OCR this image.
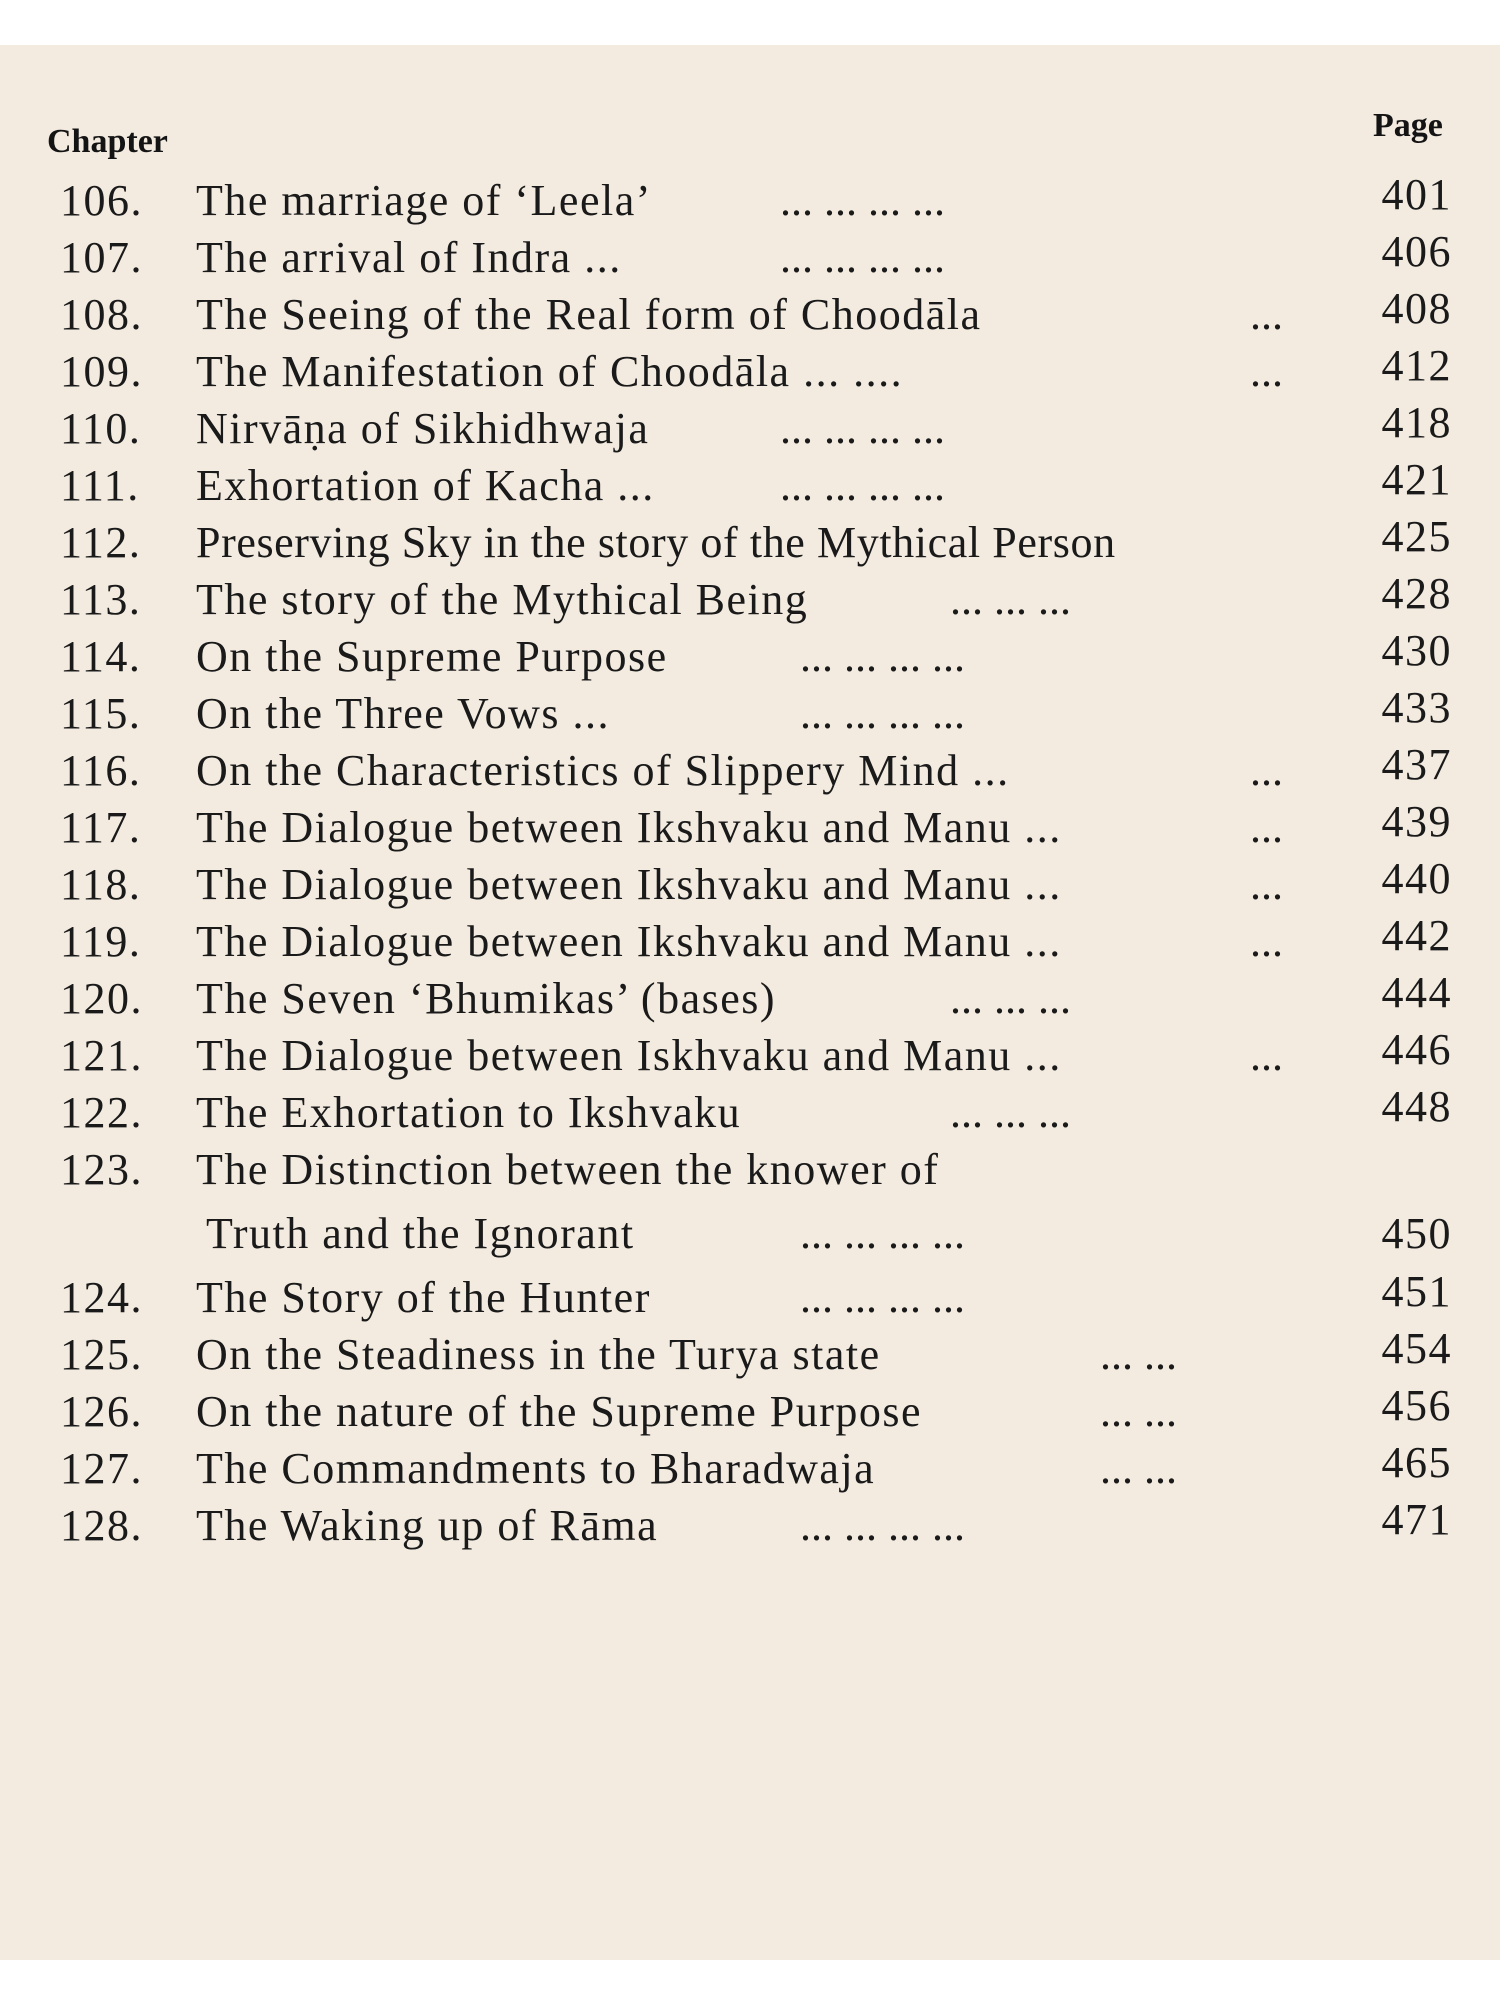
Chapter	Page
106. The marriage of ‘Leela’	... ... ... ...	401
107. The arrival of Indra ...	... ... ... ...	406
108. The Seeing of the Real form of Choodāla	...	408
109. The Manifestation of Choodāla ... ....	...	412
110. Nirvāṇa of Sikhidhwaja	... ... ... ...	418
111. Exhortation of Kacha ...	... ... ... ...	421
112. Preserving Sky in the story of the Mythical Person	425
113. The story of the Mythical Being	... ... ...	428
114. On the Supreme Purpose	... ... ... ...	430
115. On the Three Vows ...	... ... ... ...	433
116. On the Characteristics of Slippery Mind ...	...	437
117. The Dialogue between Ikshvaku and Manu ...	...	439
118. The Dialogue between Ikshvaku and Manu ...	...	440
119. The Dialogue between Ikshvaku and Manu ...	...	442
120. The Seven ‘Bhumikas’ (bases)	... ... ...	444
121. The Dialogue between Iskhvaku and Manu ...	...	446
122. The Exhortation to Ikshvaku	... ... ...	448
123. The Distinction between the knower of
Truth and the Ignorant	... ... ... ...	450
124. The Story of the Hunter	... ... ... ...	451
125. On the Steadiness in the Turya state	... ...	454
126. On the nature of the Supreme Purpose	... ...	456
127. The Commandments to Bharadwaja	... ...	465
128. The Waking up of Rāma	... ... ... ...	471
